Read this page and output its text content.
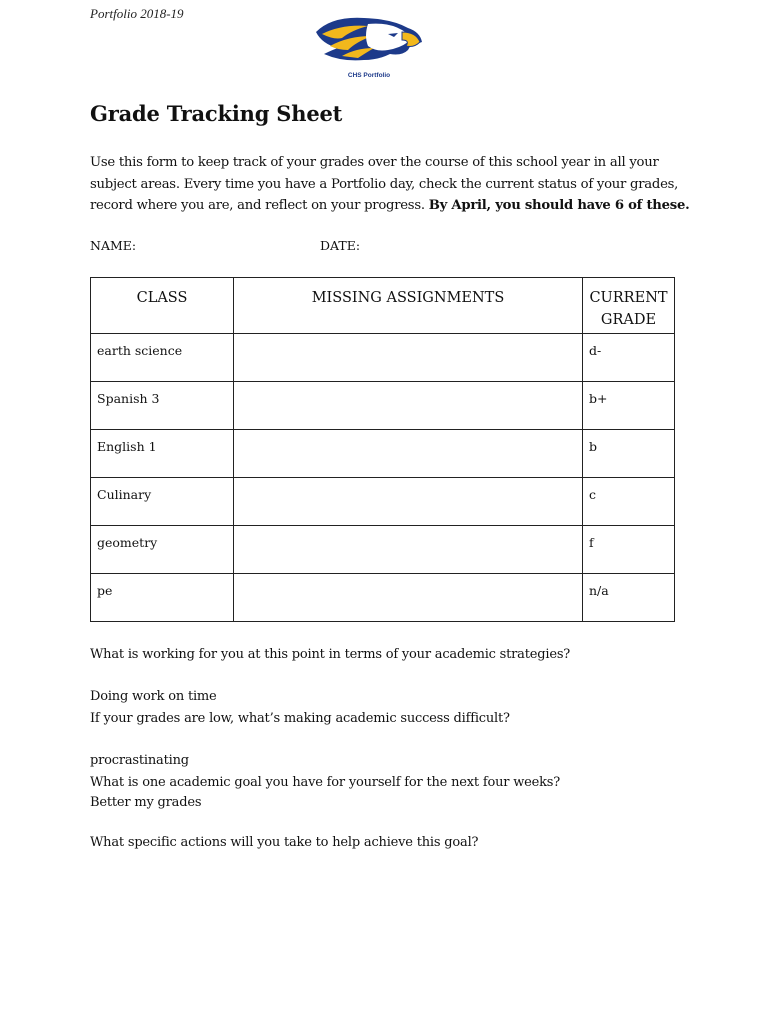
Portfolio 2018-19
CHS Portfolio
Grade Tracking Sheet
Use this form to keep track of your grades over the course of this school year in all your subject areas. Every time you have a Portfolio day, check the current status of your grades, record where you are, and reflect on your progress. By April, you should have 6 of these.
NAME:	DATE:
CLASS	MISSING ASSIGNMENTS	CURRENT GRADE
earth science		d-
Spanish 3		b+
English 1		b
Culinary		c
geometry		f
pe		n/a
What is working for you at this point in terms of your academic strategies?
Doing work on time
If your grades are low, what’s making academic success difficult?
procrastinating
What is one academic goal you have for yourself for the next four weeks?
Better my grades
What specific actions will you take to help achieve this goal?
